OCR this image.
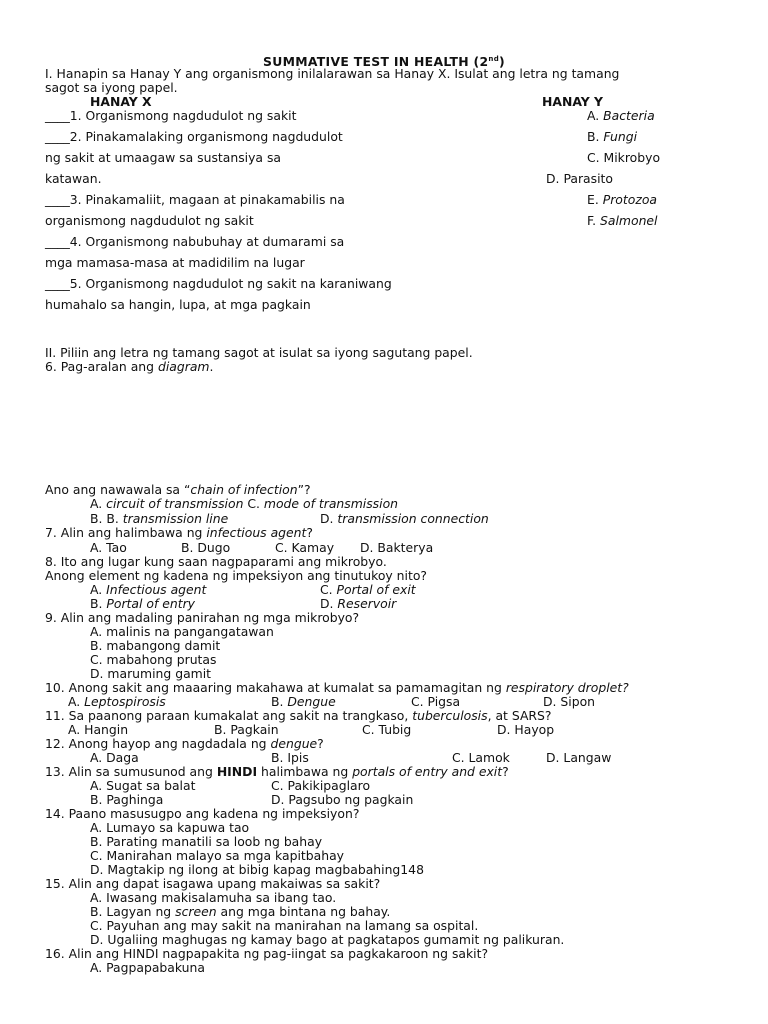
SUMMATIVE TEST IN HEALTH (2nd)
I. Hanapin sa Hanay Y ang organismong inilalarawan sa Hanay X. Isulat ang letra ng tamang
sagot sa iyong papel.
HANAY X	HANAY Y
____1. Organismong nagdudulot ng sakit
____2. Pinakamalaking organismong nagdudulot
ng sakit at umaagaw sa sustansiya sa
katawan.
____3. Pinakamaliit, magaan at pinakamabilis na
organismong nagdudulot ng sakit
____4. Organismong nabubuhay at dumarami sa
mga mamasa-masa at madidilim na lugar
____5. Organismong nagdudulot ng sakit na karaniwang
humahalo sa hangin, lupa, at mga pagkain
A. Bacteria
B. Fungi
C. Mikrobyo
D. Parasito
E. Protozoa
F. Salmonel
II. Piliin ang letra ng tamang sagot at isulat sa iyong sagutang papel.
6. Pag-aralan ang diagram.
Ano ang nawawala sa “chain of infection”?
A. circuit of transmission C. mode of transmission
B. B. transmission line	D. transmission connection
7. Alin ang halimbawa ng infectious agent?
A. Tao	B. Dugo	C. Kamay D. Bakterya
8. Ito ang lugar kung saan nagpaparami ang mikrobyo.
Anong element ng kadena ng impeksiyon ang tinutukoy nito?
A. Infectious agent	C. Portal of exit
B. Portal of entry	D. Reservoir
9. Alin ang madaling panirahan ng mga mikrobyo?
A. malinis na pangangatawan
B. mabangong damit
C. mabahong prutas
D. maruming gamit
10. Anong sakit ang maaaring makahawa at kumalat sa pamamagitan ng respiratory droplet?
A. Leptospirosis	B. Dengue	C. Pigsa	D. Sipon
11. Sa paanong paraan kumakalat ang sakit na trangkaso, tuberculosis, at SARS?
A. Hangin	B. Pagkain	C. Tubig	D. Hayop
12. Anong hayop ang nagdadala ng dengue?
A. Daga	B. Ipis	C. Lamok	D. Langaw
13. Alin sa sumusunod ang HINDI halimbawa ng portals of entry and exit?
A. Sugat sa balat	C. Pakikipaglaro
B. Paghinga	D. Pagsubo ng pagkain
14. Paano masusugpo ang kadena ng impeksiyon?
A. Lumayo sa kapuwa tao
B. Parating manatili sa loob ng bahay
C. Manirahan malayo sa mga kapitbahay
D. Magtakip ng ilong at bibig kapag magbabahing148
15. Alin ang dapat isagawa upang makaiwas sa sakit?
A. Iwasang makisalamuha sa ibang tao.
B. Lagyan ng screen ang mga bintana ng bahay.
C. Payuhan ang may sakit na manirahan na lamang sa ospital.
D. Ugaliing maghugas ng kamay bago at pagkatapos gumamit ng palikuran.
16. Alin ang HINDI nagpapakita ng pag-iingat sa pagkakaroon ng sakit?
A. Pagpapabakuna
